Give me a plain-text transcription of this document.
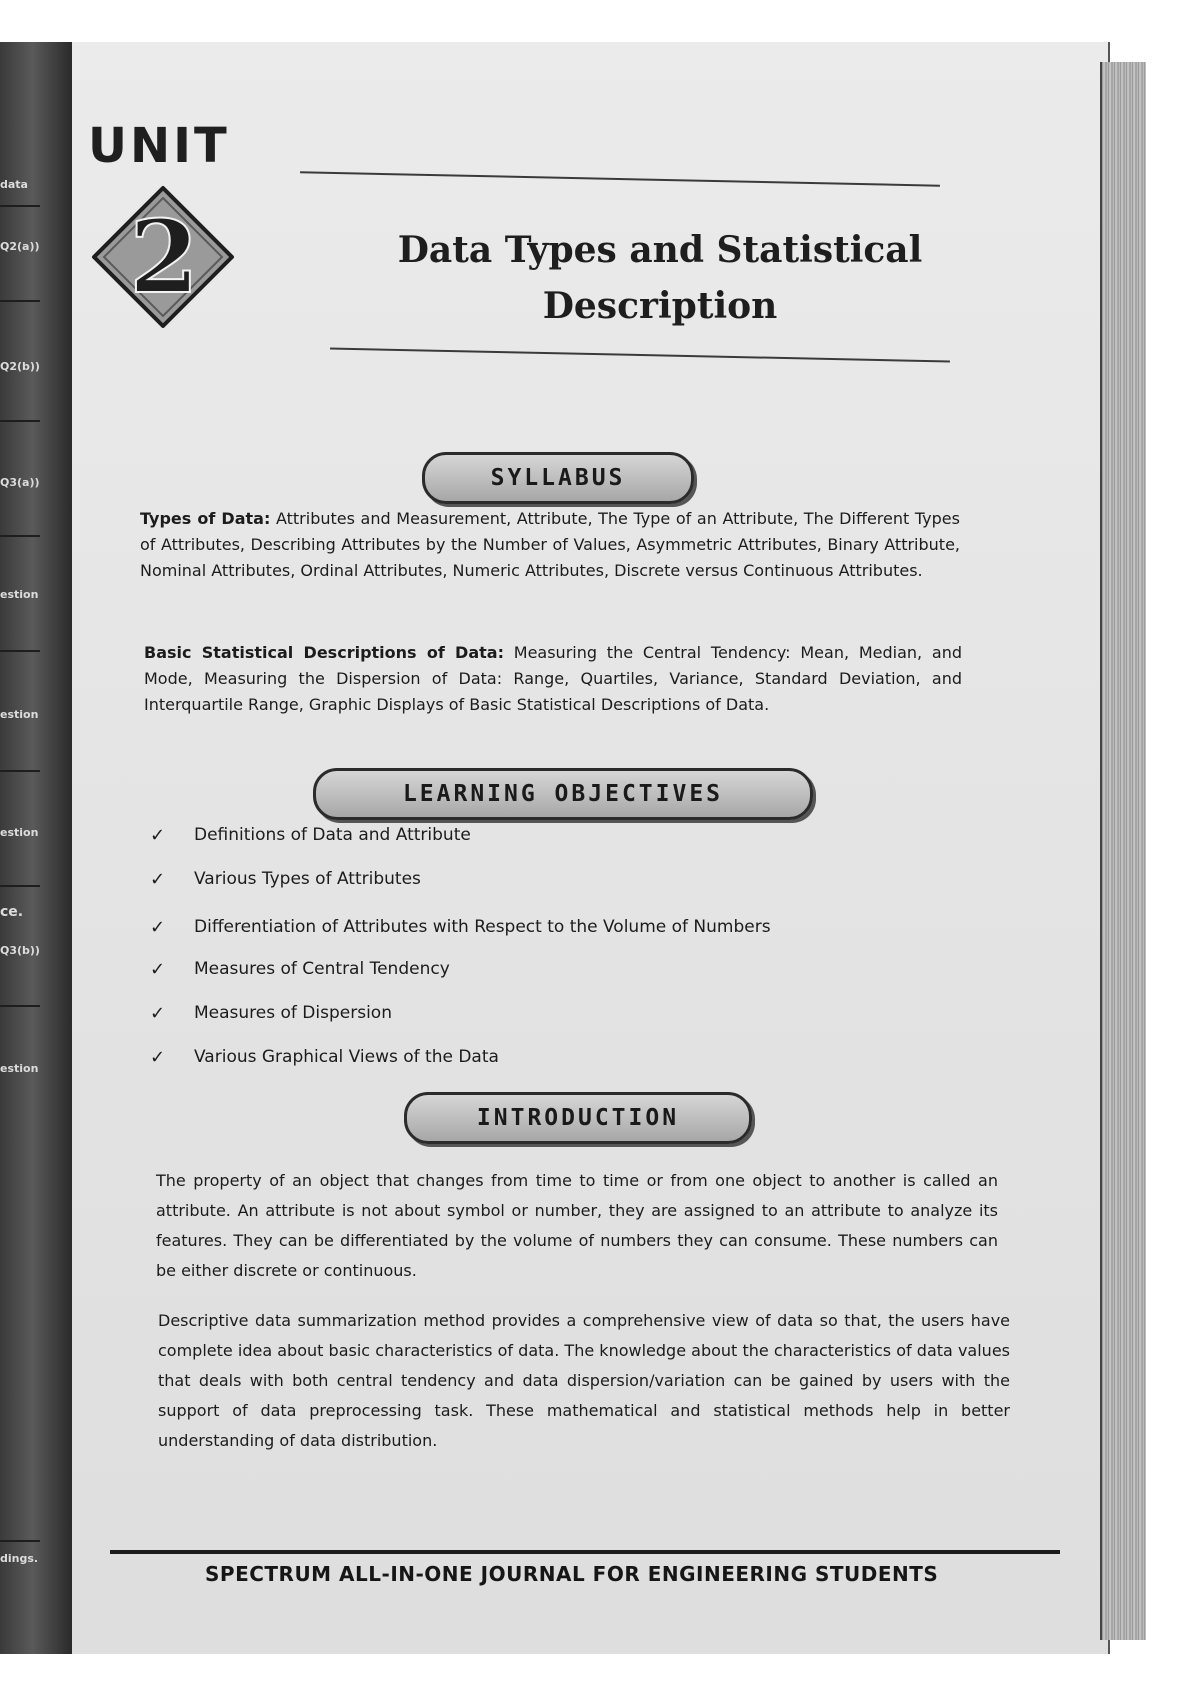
data
Q2(a))
Q2(b))
Q3(a))
estion
estion
estion
ce.
Q3(b))
estion
dings.
UNIT
2	Data Types and Statistical
Description
SYLLABUS
Types of Data: Attributes and Measurement, Attribute, The Type of an Attribute, The Different Types of Attributes, Describing Attributes by the Number of Values, Asymmetric Attributes, Binary Attribute, Nominal Attributes, Ordinal Attributes, Numeric Attributes, Discrete versus Continuous Attributes.
Basic Statistical Descriptions of Data: Measuring the Central Tendency: Mean, Median, and Mode, Measuring the Dispersion of Data: Range, Quartiles, Variance, Standard Deviation, and Interquartile Range, Graphic Displays of Basic Statistical Descriptions of Data.
LEARNING OBJECTIVES
✓	Definitions of Data and Attribute
✓	Various Types of Attributes
✓	Differentiation of Attributes with Respect to the Volume of Numbers
✓	Measures of Central Tendency
✓	Measures of Dispersion
✓	Various Graphical Views of the Data
INTRODUCTION
The property of an object that changes from time to time or from one object to another is called an attribute. An attribute is not about symbol or number, they are assigned to an attribute to analyze its features. They can be differentiated by the volume of numbers they can consume. These numbers can be either discrete or continuous.
Descriptive data summarization method provides a comprehensive view of data so that, the users have complete idea about basic characteristics of data. The knowledge about the characteristics of data values that deals with both central tendency and data dispersion/variation can be gained by users with the support of data preprocessing task. These mathematical and statistical methods help in better understanding of data distribution.
SPECTRUM ALL-IN-ONE JOURNAL FOR ENGINEERING STUDENTS
